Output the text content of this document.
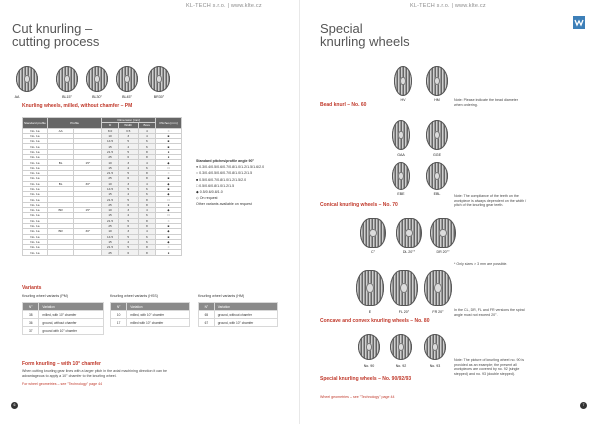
KL-TECH s.r.o. | www.klte.cz
Cut knurling –
cutting process
AA	BL15°	BL30°	BL45°	BR30°
Knurling wheels, milled, without chamfer – PM
Standard profile	Profile		Dimension [mm]			Pitches [mm]
			D	Width	Bore	
No. 1a	AA		8.0	3.5	4	○
No. 1a			10	3	4	■
No. 1a			14.5	5	6	■
No. 1a			15	4	6	■
No. 1a			21.5	5	8	●
No. 1a			25	6	8	●
No. 1a	BL	15°	10	3	4	◆
No. 1a			15	4	6	□
No. 1a			21.5	5	8	○
No. 1a			25	6	8	■
No. 1a	BL	30°	10	3	4	◆
No. 1a			14.5	5	6	■
No. 1a			15	4	6	◆
No. 1a			21.5	5	8	□
No. 1a			25	6	8	●
No. 1a	BR	15°	10	3	4	◆
No. 1a			15	4	6	□
No. 1a			21.5	5	8	○
No. 1a			25	6	8	■
No. 1a	BR	30°	10	3	4	◆
No. 1a			14.5	5	6	■
No. 1a			15	4	6	◆
No. 1a			21.5	5	8	○
No. 1a			25	6	8	●
Standard pitches/profile angle 90°
● 0.3/0.4/0.5/0.6/0.7/0.8/1.0/1.2/1.5/1.6/2.0
○ 0.3/0.4/0.5/0.6/0.7/0.8/1.0/1.2/1.5
■ 0.5/0.6/0.7/0.8/1.0/1.2/1.5/2.0
□ 0.5/0.6/0.8/1.0/1.2/1.5
◆ 0.5/0.6/0.8/1.0
◇ On request
Other variants available on request
Variants
Knurling wheel variants (PM)
N°	Variation
38	milled, with 10° chamfer
36	ground, without chamfer
37	ground with 10° chamfer
Knurling wheel variants (HSS)
N°	Variation
10	milled, with 10° chamfer
17	milled with 10° chamfer
Knurling wheel variants (HM)
N°	Variation
65	ground, without chamfer
67	ground, with 10° chamfer
Form knurling – with 10° chamfer
When cutting knurling gear lines with a larger pitch in the axial machining direction it can be advantageous to apply a 10° chamfer to the knurling wheel.
For wheel geometries – see "Technology" page 44
6
KL-TECH s.r.o. | www.klte.cz
Special
knurling wheels
HV	HM
Bead knurl – No. 60
Note: Please indicate the bead diameter when ordering.
GAA	GGE
EBE	EBL	Note: The compliance of the teeth on the workpiece is always dependent on the width / pitch of the knurling gear teeth.
Conical knurling wheels – No. 70
C°	DL 20°°	DR 20°°
* Only sizes > 3 mm are possible.
E	FL 20°	FR 20°	In the CL, DR, FL and FR versions the spiral angle must not exceed 20°.
Concave and convex knurling wheels – No. 80
No. 90	No. 92	No. 93
Note: The picture of knurling wheel no. 90 is provided as an example; the present all workpieces are covered by no. 92 (single stepped) and no. 93 (double stepped).
Special knurling wheels – No. 90/92/93
Wheel geometries – see "Technology" page 44
7
